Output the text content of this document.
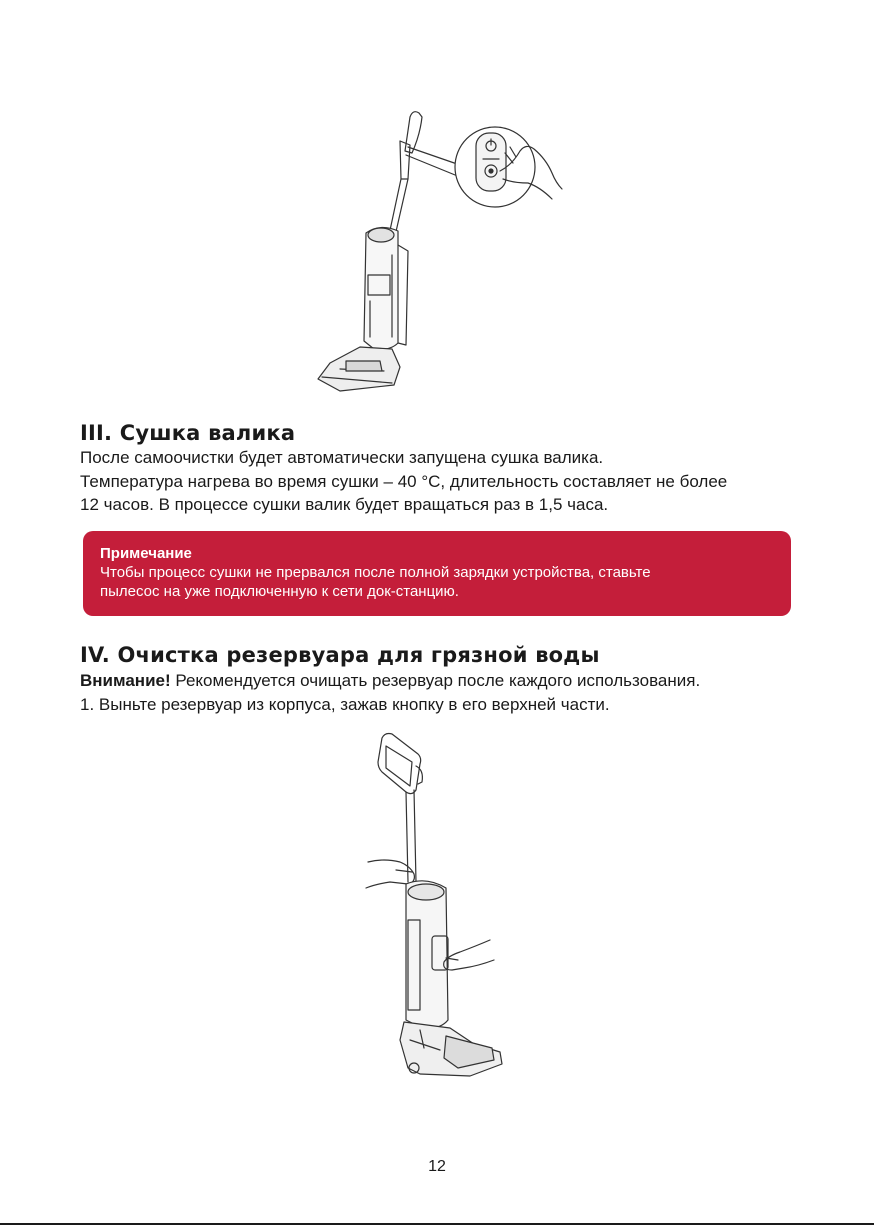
III. Сушка валика
После самоочистки будет автоматически запущена сушка валика.
Температура нагрева во время сушки – 40 °С, длительность составляет не более
12 часов. В процессе сушки валик будет вращаться раз в 1,5 часа.
Примечание
Чтобы процесс сушки не прервался после полной зарядки устройства, ставьте
пылесос на уже подключенную к сети док-станцию.
IV. Очистка резервуара для грязной воды
Внимание! Рекомендуется очищать резервуар после каждого использования.
1. Выньте резервуар из корпуса, зажав кнопку в его верхней части.
12
